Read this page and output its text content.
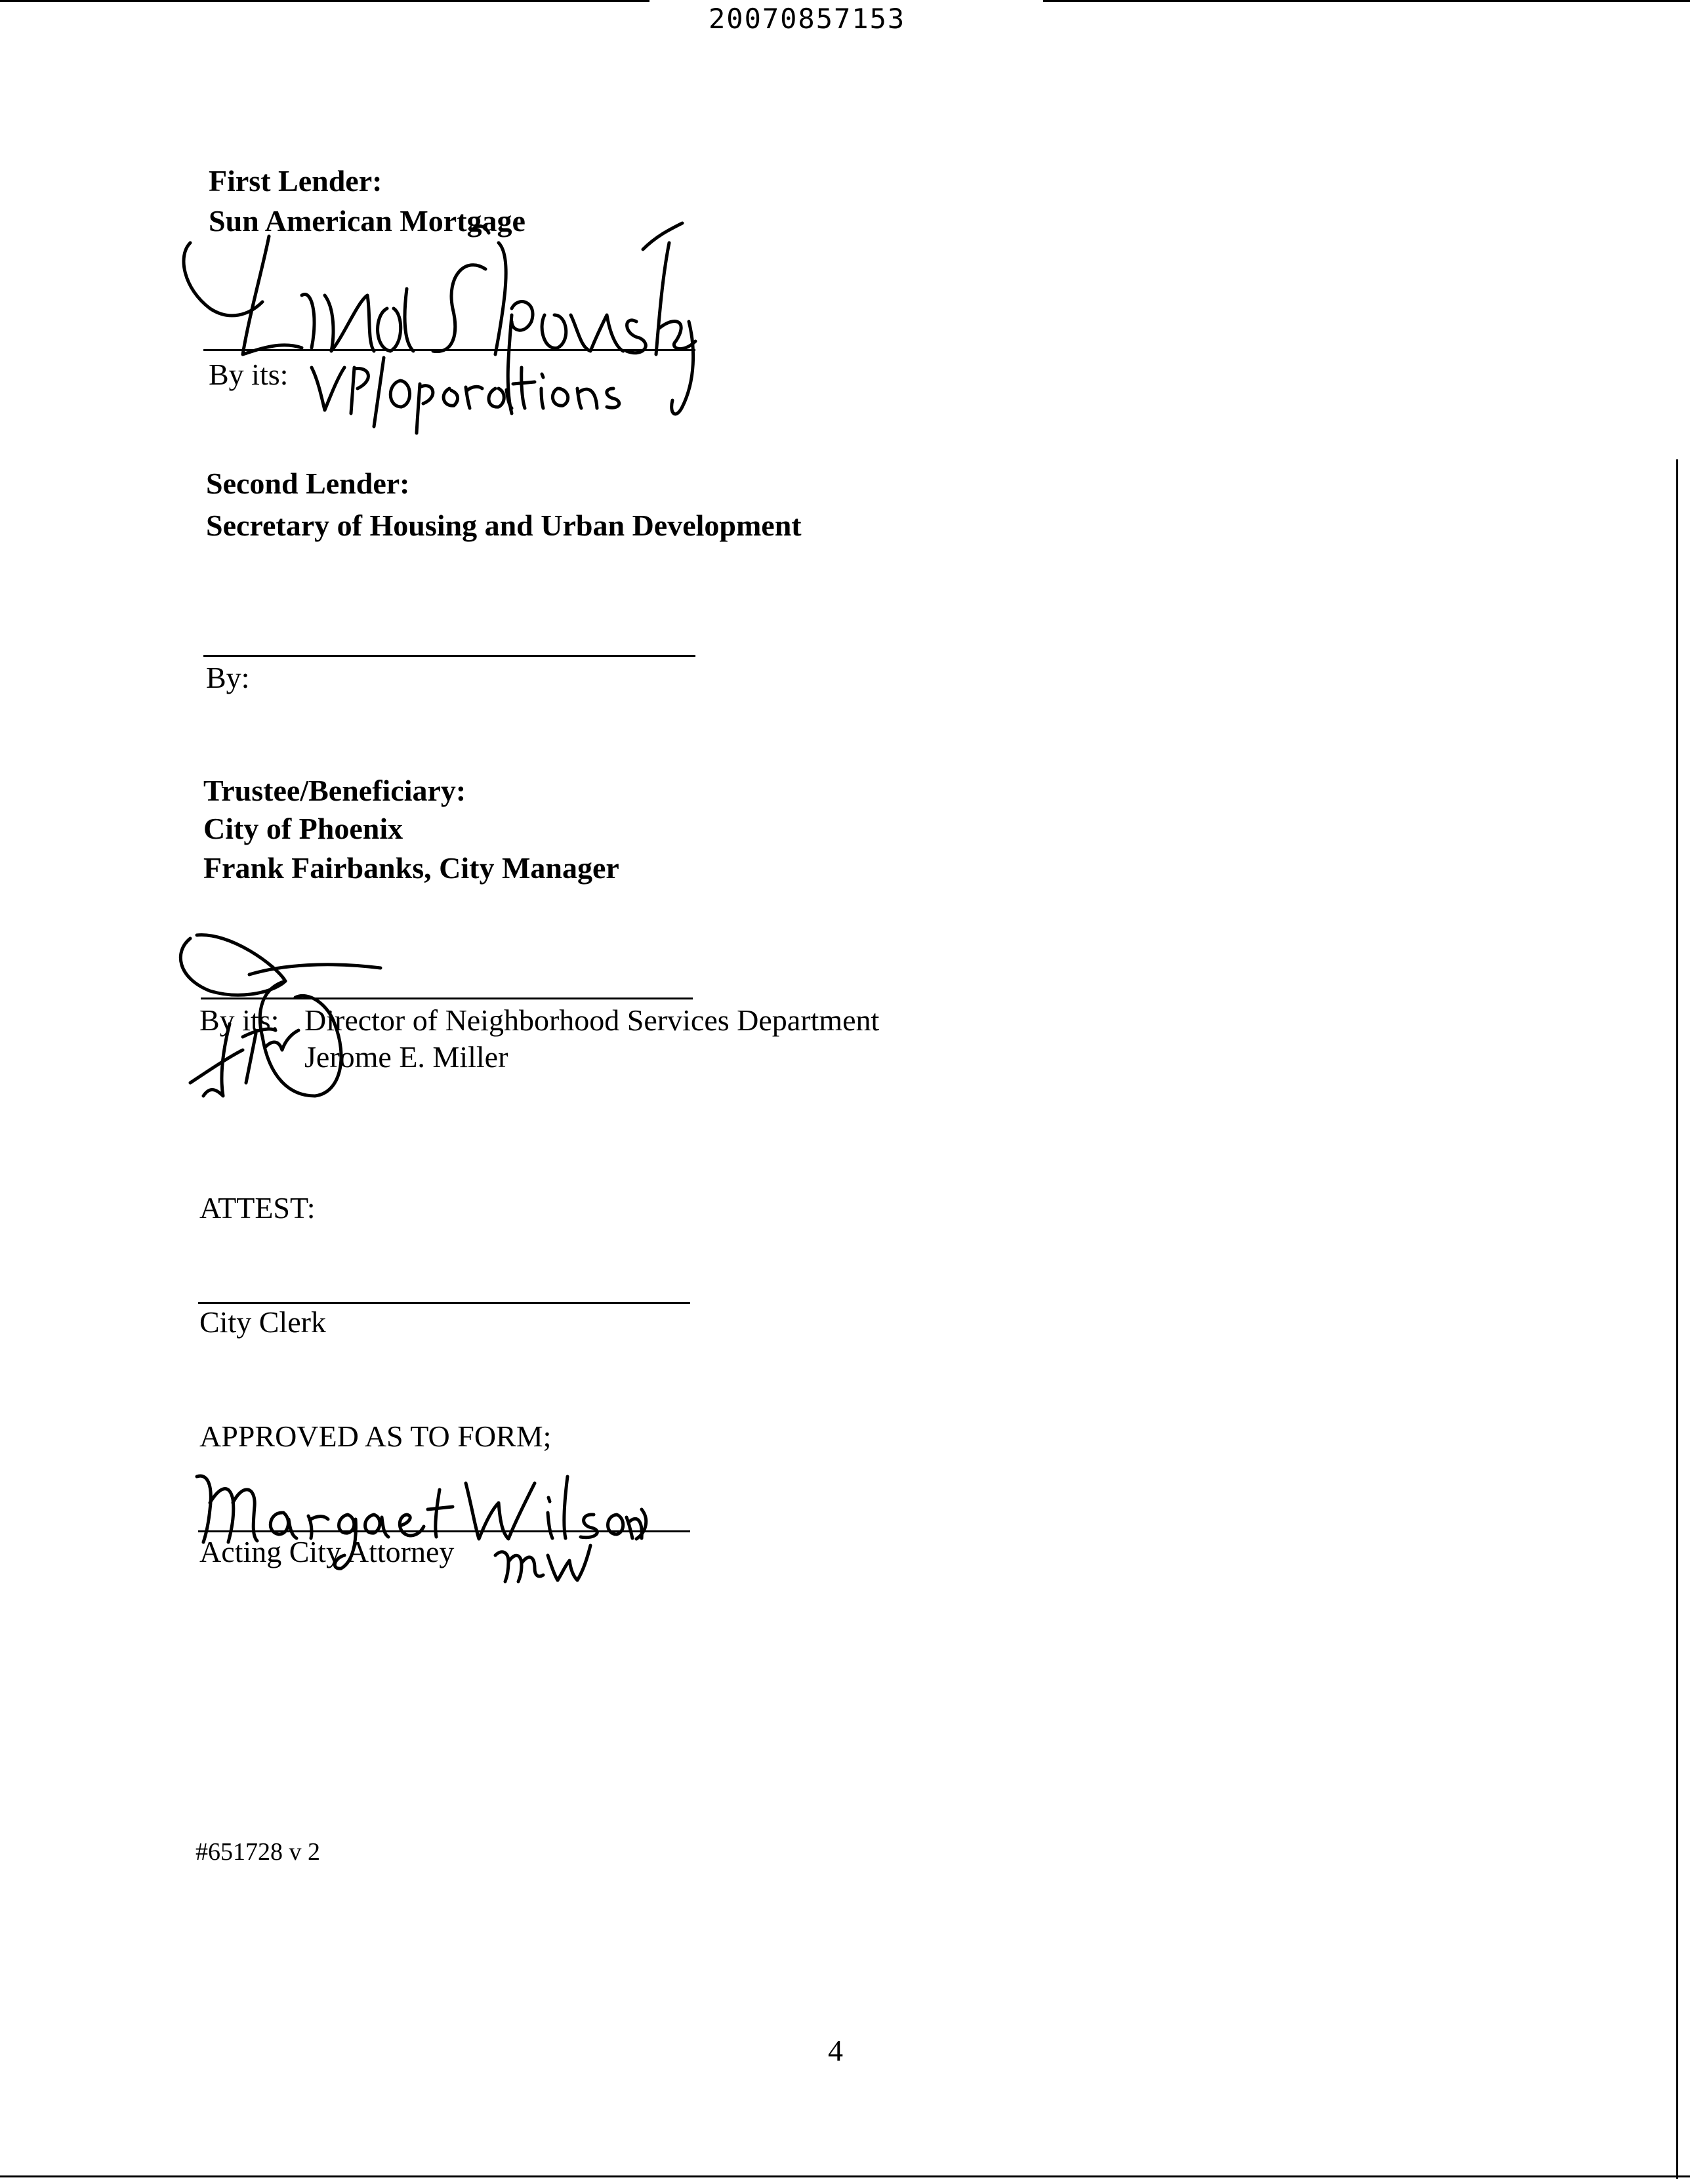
20070857153
First Lender:
Sun American Mortgage
By its:
Second Lender:
Secretary of Housing and Urban Development
By:
Trustee/Beneficiary:
City of Phoenix
Frank Fairbanks, City Manager
By its: Director of Neighborhood Services Department
Jerome E. Miller
ATTEST:
City Clerk
APPROVED AS TO FORM;
Acting City Attorney
#651728 v 2
4
